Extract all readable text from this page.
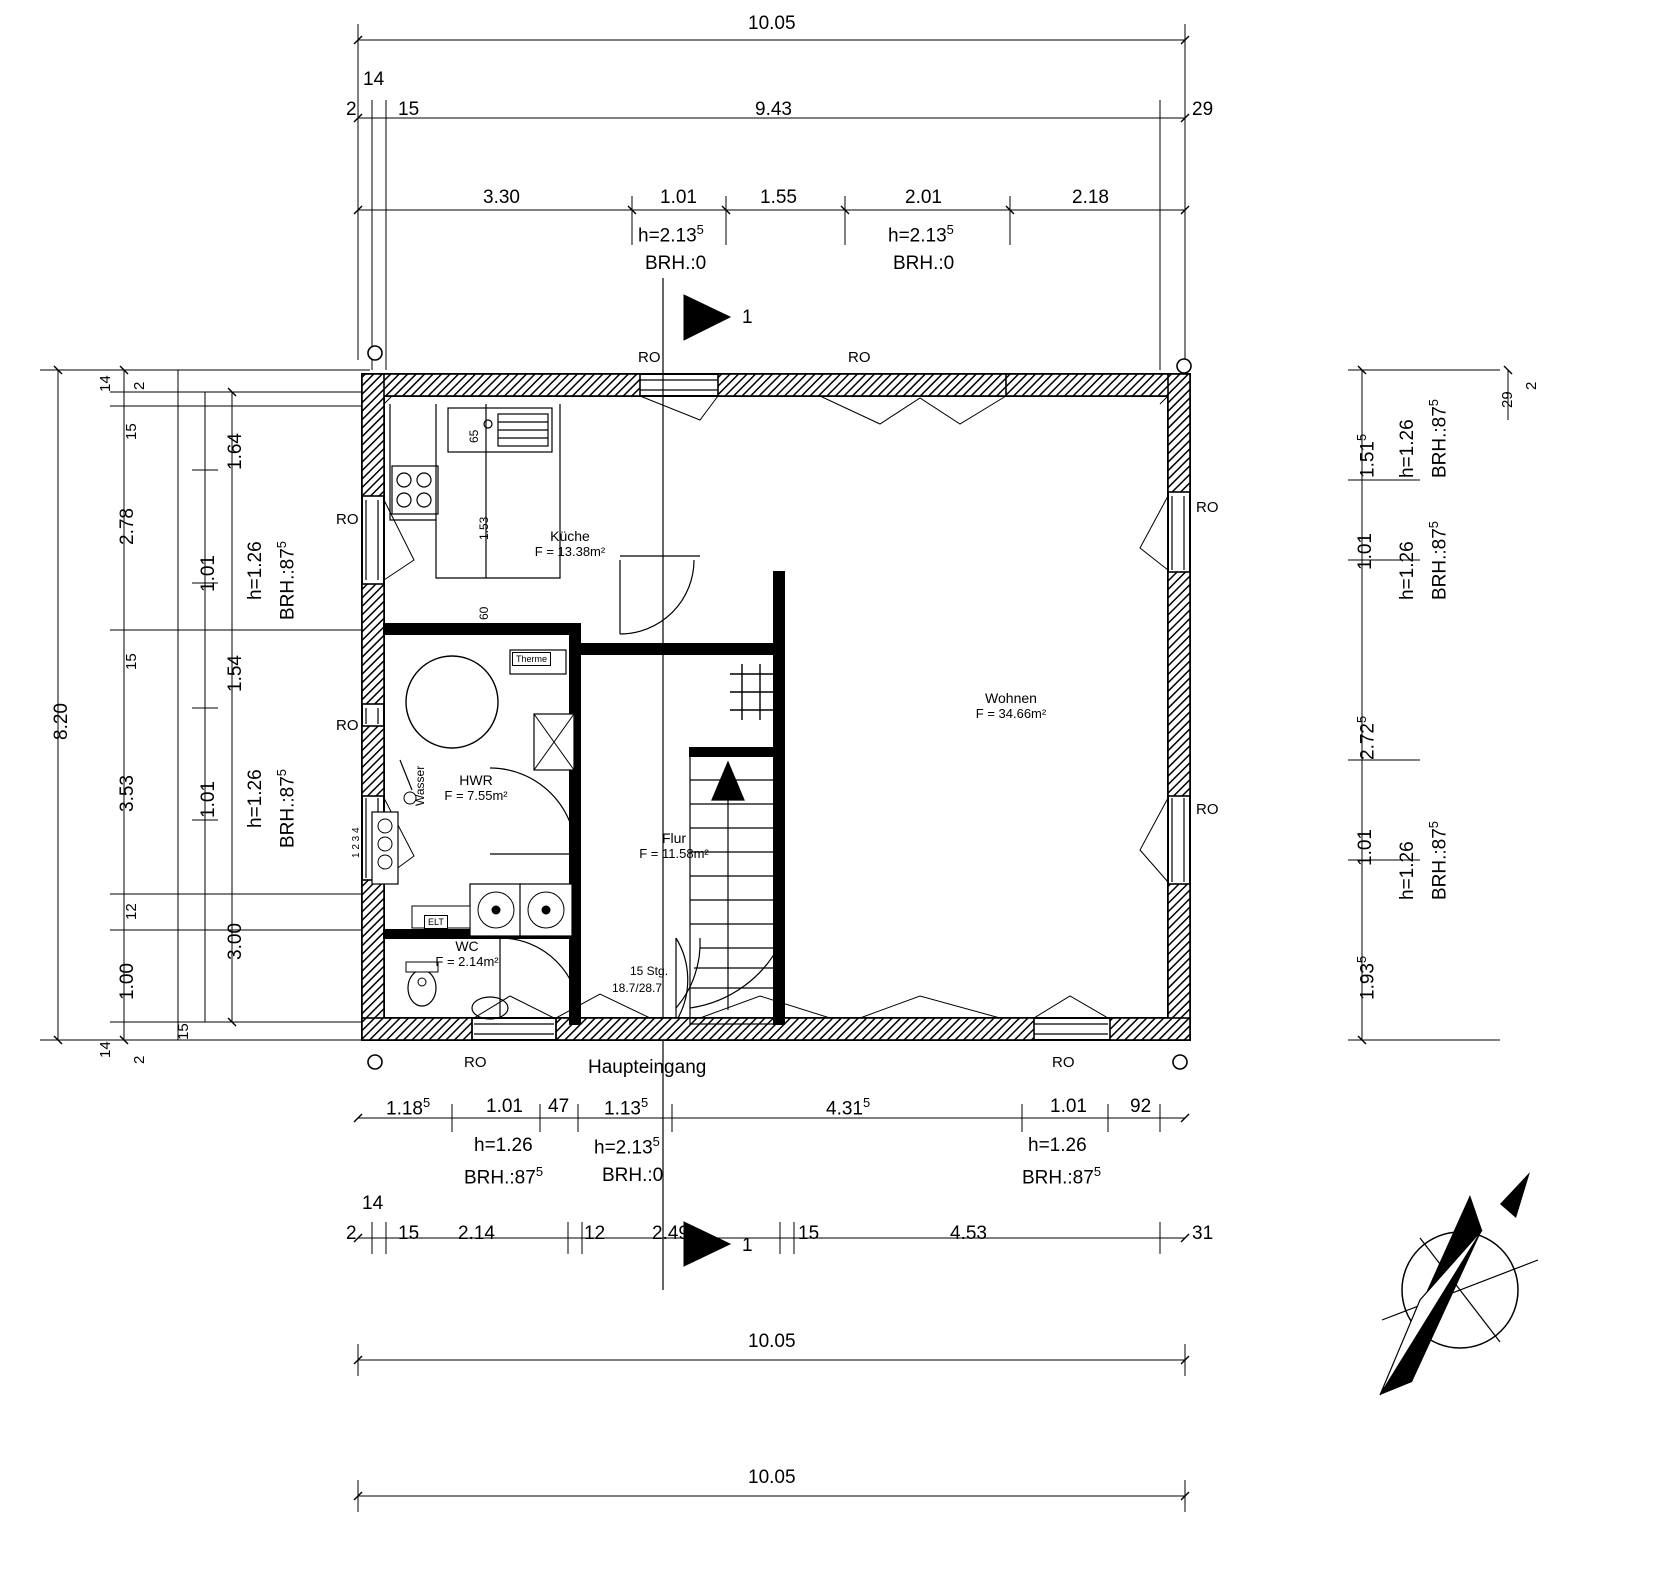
10.05
14
2 15	9.43	29
3.30	1.01	1.55	2.01	2.18
$h=2.13^5$
BRH.:0
$h=2.13^5$
BRH.:0
1
1
8.20
14 2
15
2.78
15
3.53
12
1.00
15
2
14
1.64
1.01
1.54
1.01
3.00
h=1.26 $BRH.:87^5$
h=1.26 $BRH.:87^5$
1.51$^5$
1.01
2.72$^5$
1.01
1.93$^5$
h=1.26 $BRH.:87^5$
h=1.26 $BRH.:87^5$
h=1.26 $BRH.:87^5$
29
2
RO	RO
RO
RO
RO
RO
RO	RO
Küche
F = 13.38m²
Wohnen
F = 34.66m²
HWR
F = 7.55m²
Flur
F = 11.58m²
WC
F = 2.14m²
Therme
Wasser
ELT
1.53
60
65
1 2 3 4
15 Stg.
18.7/28.7
Haupteingang
1.18$^5$	1.01 47 1.13$^5$	4.31$^5$	1.01 92
h=1.26
$BRH.:87^5$
$h=2.13^5$
BRH.:0
h=1.26
$BRH.:87^5$
14
2 15 2.14	12 2.49	15	4.53	31
10.05
10.05
